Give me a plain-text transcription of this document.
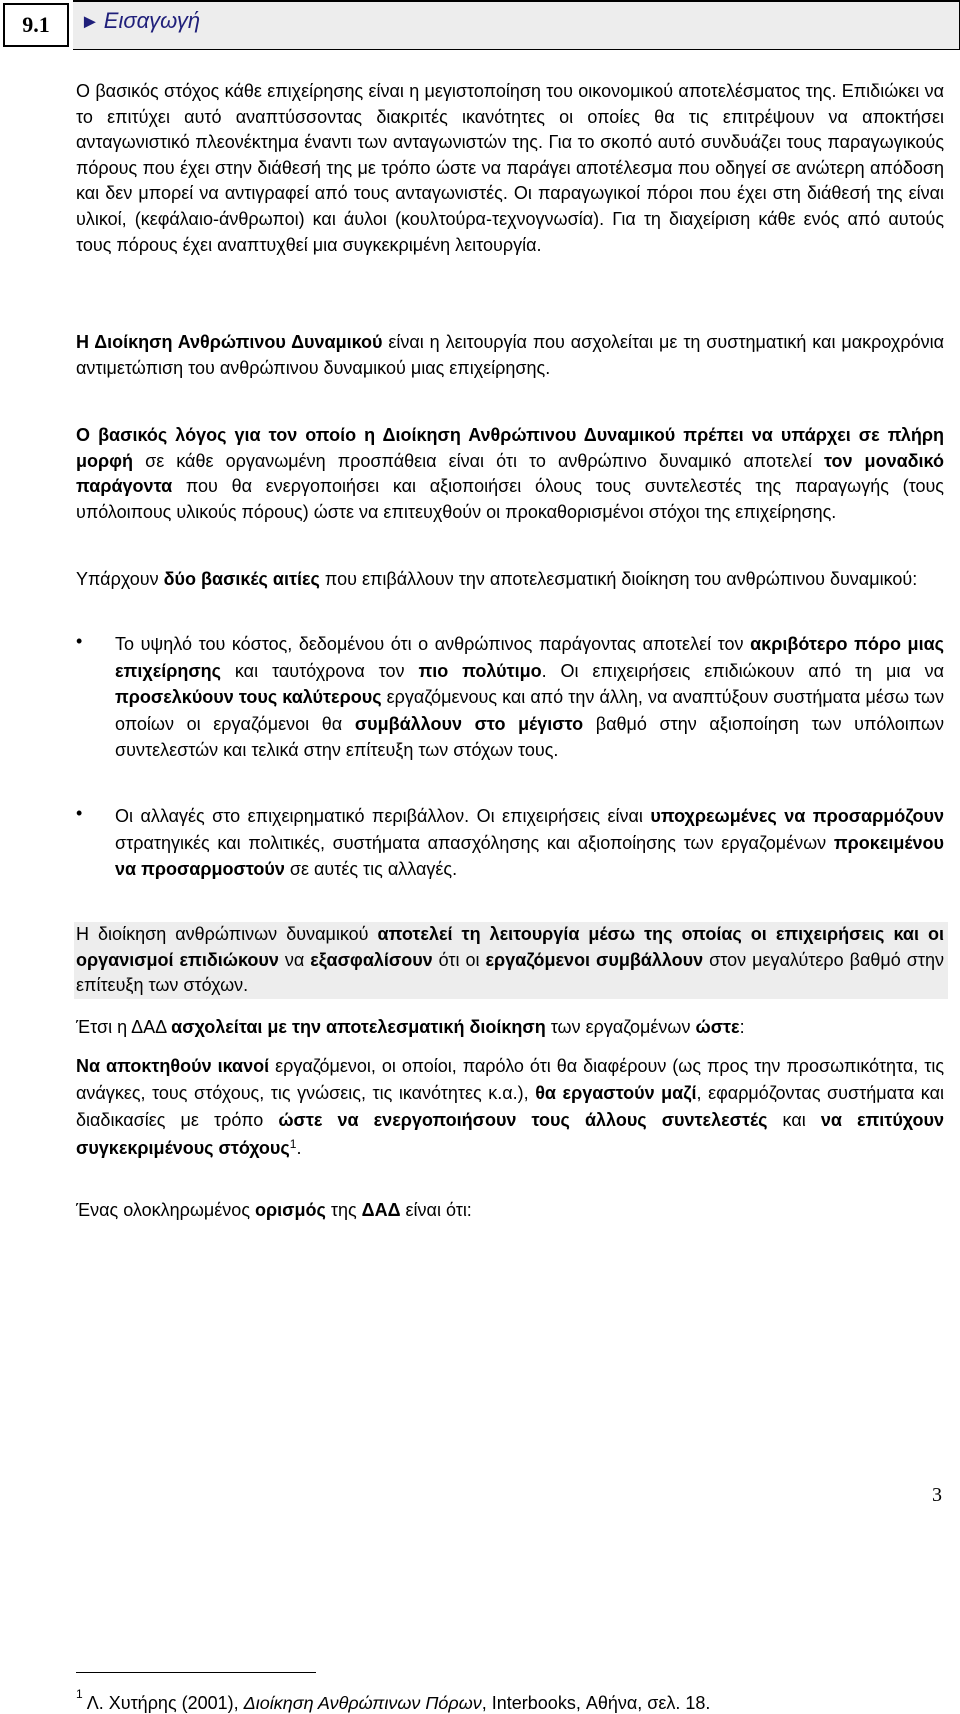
9.1	► Εισαγωγή

Ο βασικός στόχος κάθε επιχείρησης είναι η μεγιστοποίηση του οικονομικού αποτελέσματος της. Επιδιώκει να το επιτύχει αυτό αναπτύσσοντας διακριτές ικανότητες οι οποίες θα τις επιτρέψουν να αποκτήσει ανταγωνιστικό πλεονέκτημα έναντι των ανταγωνιστών της. Για το σκοπό αυτό συνδυάζει τους παραγωγικούς πόρους που έχει στην διάθεσή της με τρόπο ώστε να παράγει αποτέλεσμα που οδηγεί σε ανώτερη απόδοση και δεν μπορεί να αντιγραφεί από τους ανταγωνιστές. Οι παραγωγικοί πόροι που έχει στη διάθεσή της είναι υλικοί, (κεφάλαιο-άνθρωποι) και άυλοι (κουλτούρα-τεχνογνωσία). Για τη διαχείριση κάθε ενός από αυτούς τους πόρους έχει αναπτυχθεί μια συγκεκριμένη λειτουργία.

Η Διοίκηση Ανθρώπινου Δυναμικού είναι η λειτουργία που ασχολείται με τη συστηματική και μακροχρόνια αντιμετώπιση του ανθρώπινου δυναμικού μιας επιχείρησης.

Ο βασικός λόγος για τον οποίο η Διοίκηση Ανθρώπινου Δυναμικού πρέπει να υπάρχει σε πλήρη μορφή σε κάθε οργανωμένη προσπάθεια είναι ότι το ανθρώπινο δυναμικό αποτελεί τον μοναδικό παράγοντα που θα ενεργοποιήσει και αξιοποιήσει όλους τους συντελεστές της παραγωγής (τους υπόλοιπους υλικούς πόρους) ώστε να επιτευχθούν οι προκαθορισμένοι στόχοι της επιχείρησης.

Υπάρχουν δύο βασικές αιτίες που επιβάλλουν την αποτελεσματική διοίκηση του ανθρώπινου δυναμικού:

• Το υψηλό του κόστος, δεδομένου ότι ο ανθρώπινος παράγοντας αποτελεί τον ακριβότερο πόρο μιας επιχείρησης και ταυτόχρονα τον πιο πολύτιμο. Οι επιχειρήσεις επιδιώκουν από τη μια να προσελκύουν τους καλύτερους εργαζόμενους και από την άλλη, να αναπτύξουν συστήματα μέσω των οποίων οι εργαζόμενοι θα συμβάλλουν στο μέγιστο βαθμό στην αξιοποίηση των υπόλοιπων συντελεστών και τελικά στην επίτευξη των στόχων τους.

• Οι αλλαγές στο επιχειρηματικό περιβάλλον. Οι επιχειρήσεις είναι υποχρεωμένες να προσαρμόζουν στρατηγικές και πολιτικές, συστήματα απασχόλησης και αξιοποίησης των εργαζομένων προκειμένου να προσαρμοστούν σε αυτές τις αλλαγές.

Η διοίκηση ανθρώπινων δυναμικού αποτελεί τη λειτουργία μέσω της οποίας οι επιχειρήσεις και οι οργανισμοί επιδιώκουν να εξασφαλίσουν ότι οι εργαζόμενοι συμβάλλουν στον μεγαλύτερο βαθμό στην επίτευξη των στόχων.

Έτσι η ΔΑΔ ασχολείται με την αποτελεσματική διοίκηση των εργαζομένων ώστε:

Να αποκτηθούν ικανοί εργαζόμενοι, οι οποίοι, παρόλο ότι θα διαφέρουν (ως προς την προσωπικότητα, τις ανάγκες, τους στόχους, τις γνώσεις, τις ικανότητες κ.α.), θα εργαστούν μαζί, εφαρμόζοντας συστήματα και διαδικασίες με τρόπο ώστε να ενεργοποιήσουν τους άλλους συντελεστές και να επιτύχουν συγκεκριμένους στόχους$^1$.

Ένας ολοκληρωμένος ορισμός της ΔΑΔ είναι ότι:

$^1$ Λ. Χυτήρης (2001), Διοίκηση Ανθρώπινων Πόρων, Interbooks, Αθήνα, σελ. 18.
3
